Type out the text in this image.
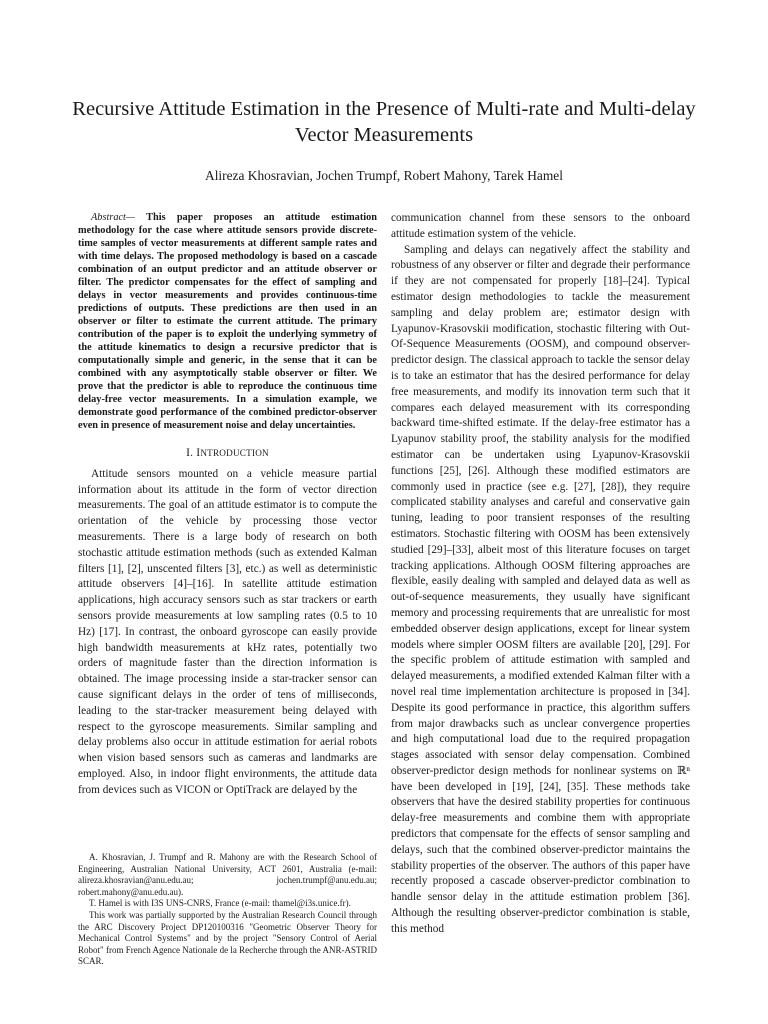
Recursive Attitude Estimation in the Presence of Multi-rate and Multi-delay Vector Measurements
Alireza Khosravian, Jochen Trumpf, Robert Mahony, Tarek Hamel

Abstract— This paper proposes an attitude estimation methodology for the case where attitude sensors provide discrete-time samples of vector measurements at different sample rates and with time delays. The proposed methodology is based on a cascade combination of an output predictor and an attitude observer or filter. The predictor compensates for the effect of sampling and delays in vector measurements and provides continuous-time predictions of outputs. These predictions are then used in an observer or filter to estimate the current attitude. The primary contribution of the paper is to exploit the underlying symmetry of the attitude kinematics to design a recursive predictor that is computationally simple and generic, in the sense that it can be combined with any asymptotically stable observer or filter. We prove that the predictor is able to reproduce the continuous time delay-free vector measurements. In a simulation example, we demonstrate good performance of the combined predictor-observer even in presence of measurement noise and delay uncertainties.

I. INTRODUCTION

Attitude sensors mounted on a vehicle measure partial information about its attitude in the form of vector direction measurements. The goal of an attitude estimator is to compute the orientation of the vehicle by processing those vector measurements. There is a large body of research on both stochastic attitude estimation methods (such as extended Kalman filters [1], [2], unscented filters [3], etc.) as well as deterministic attitude observers [4]–[16]. In satellite attitude estimation applications, high accuracy sensors such as star trackers or earth sensors provide measurements at low sampling rates (0.5 to 10 Hz) [17]. In contrast, the onboard gyroscope can easily provide high bandwidth measurements at kHz rates, potentially two orders of magnitude faster than the direction information is obtained. The image processing inside a star-tracker sensor can cause significant delays in the order of tens of milliseconds, leading to the star-tracker measurement being delayed with respect to the gyroscope measurements. Similar sampling and delay problems also occur in attitude estimation for aerial robots when vision based sensors such as cameras and landmarks are employed. Also, in indoor flight environments, the attitude data from devices such as VICON or OptiTrack are delayed by the

A. Khosravian, J. Trumpf and R. Mahony are with the Research School of Engineering, Australian National University, ACT 2601, Australia (e-mail: alireza.khosravian@anu.edu.au; jochen.trumpf@anu.edu.au; robert.mahony@anu.edu.au).

T. Hamel is with I3S UNS-CNRS, France (e-mail: thamel@i3s.unice.fr).

This work was partially supported by the Australian Research Council through the ARC Discovery Project DP120100316 "Geometric Observer Theory for Mechanical Control Systems" and by the project "Sensory Control of Aerial Robot" from French Agence Nationale de la Recherche through the ANR-ASTRID SCAR.

communication channel from these sensors to the onboard attitude estimation system of the vehicle.

Sampling and delays can negatively affect the stability and robustness of any observer or filter and degrade their performance if they are not compensated for properly [18]–[24]. Typical estimator design methodologies to tackle the measurement sampling and delay problem are; estimator design with Lyapunov-Krasovskii modification, stochastic filtering with Out-Of-Sequence Measurements (OOSM), and compound observer-predictor design. The classical approach to tackle the sensor delay is to take an estimator that has the desired performance for delay free measurements, and modify its innovation term such that it compares each delayed measurement with its corresponding backward time-shifted estimate. If the delay-free estimator has a Lyapunov stability proof, the stability analysis for the modified estimator can be undertaken using Lyapunov-Krasovskii functions [25], [26]. Although these modified estimators are commonly used in practice (see e.g. [27], [28]), they require complicated stability analyses and careful and conservative gain tuning, leading to poor transient responses of the resulting estimators. Stochastic filtering with OOSM has been extensively studied [29]–[33], albeit most of this literature focuses on target tracking applications. Although OOSM filtering approaches are flexible, easily dealing with sampled and delayed data as well as out-of-sequence measurements, they usually have significant memory and processing requirements that are unrealistic for most embedded observer design applications, except for linear system models where simpler OOSM filters are available [20], [29]. For the specific problem of attitude estimation with sampled and delayed measurements, a modified extended Kalman filter with a novel real time implementation architecture is proposed in [34]. Despite its good performance in practice, this algorithm suffers from major drawbacks such as unclear convergence properties and high computational load due to the required propagation stages associated with sensor delay compensation. Combined observer-predictor design methods for nonlinear systems on ℝⁿ have been developed in [19], [24], [35]. These methods take observers that have the desired stability properties for continuous delay-free measurements and combine them with appropriate predictors that compensate for the effects of sensor sampling and delays, such that the combined observer-predictor maintains the stability properties of the observer. The authors of this paper have recently proposed a cascade observer-predictor combination to handle sensor delay in the attitude estimation problem [36]. Although the resulting observer-predictor combination is stable, this method
